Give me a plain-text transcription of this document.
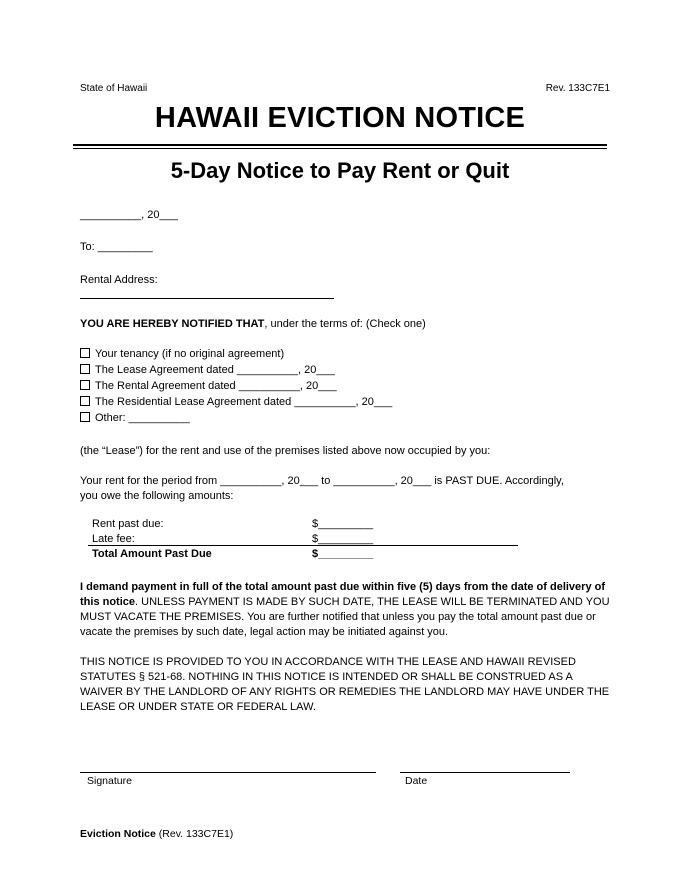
State of Hawaii	Rev. 133C7E1
HAWAII EVICTION NOTICE
5-Day Notice to Pay Rent or Quit
__________, 20___
To: _________
Rental Address:
YOU ARE HEREBY NOTIFIED THAT, under the terms of: (Check one)
Your tenancy (if no original agreement)
The Lease Agreement dated __________, 20___
The Rental Agreement dated __________, 20___
The Residential Lease Agreement dated __________, 20___
Other: __________
(the “Lease”) for the rent and use of the premises listed above now occupied by you:
Your rent for the period from __________, 20___ to __________, 20___ is PAST DUE. Accordingly,
you owe the following amounts:
Rent past due:	$_________
Late fee:	$_________
Total Amount Past Due	$_________
I demand payment in full of the total amount past due within five (5) days from the date of delivery of this notice. UNLESS PAYMENT IS MADE BY SUCH DATE, THE LEASE WILL BE TERMINATED AND YOU MUST VACATE THE PREMISES. You are further notified that unless you pay the total amount past due or vacate the premises by such date, legal action may be initiated against you.
THIS NOTICE IS PROVIDED TO YOU IN ACCORDANCE WITH THE LEASE AND HAWAII REVISED STATUTES § 521-68. NOTHING IN THIS NOTICE IS INTENDED OR SHALL BE CONSTRUED AS A WAIVER BY THE LANDLORD OF ANY RIGHTS OR REMEDIES THE LANDLORD MAY HAVE UNDER THE LEASE OR UNDER STATE OR FEDERAL LAW.
Signature	Date
Eviction Notice (Rev. 133C7E1)
